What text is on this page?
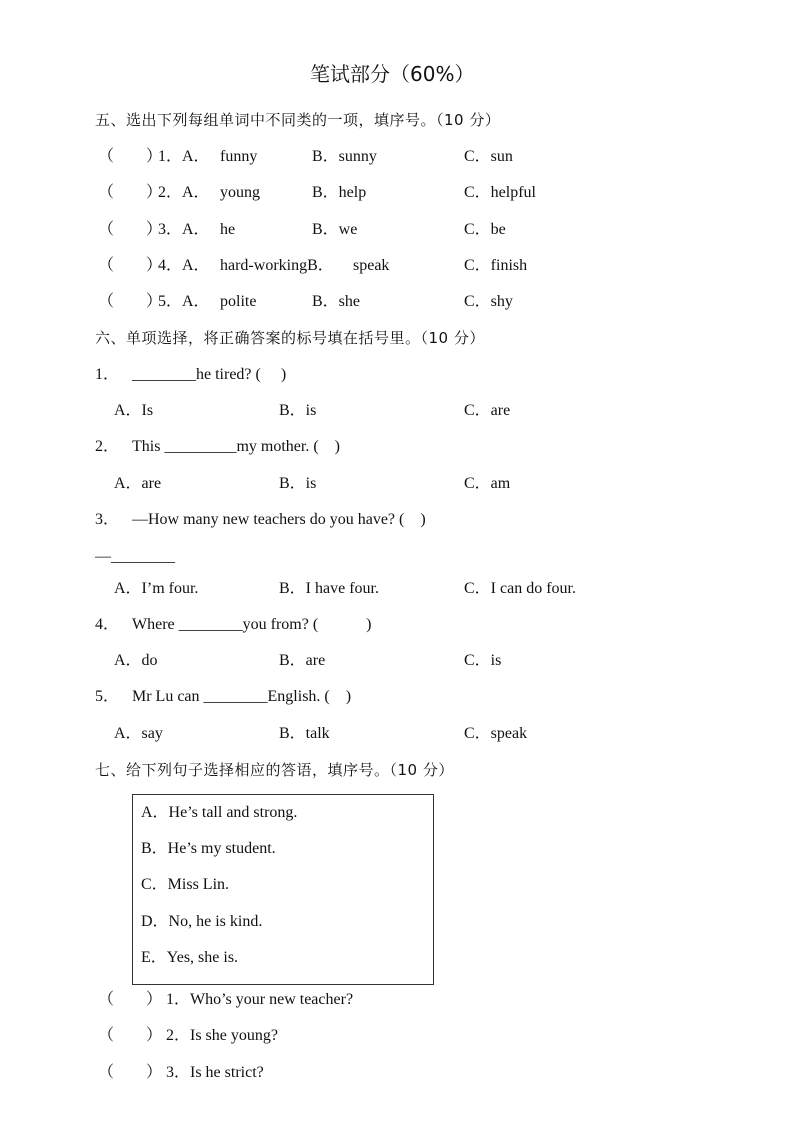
笔试部分（60%）
五、选出下列每组单词中不同类的一项，填序号。（10 分）
（　　）
1．A． funny	B．sunny	C．sun
（　　）
2．A． young	B．help	C．helpful
（　　）
3．A． he	B．we	C．be
（　　）
4．A． hard-workingB． speak	C．finish
（　　）
5．A． polite	B．she	C．shy
六、单项选择，将正确答案的标号填在括号里。（10 分）
1． ________he tired? (　 )
A．Is	B．is	C．are
2． This _________my mother. (　)
A．are	B．is	C．am
3． —How many new teachers do you have? (　)
—________
A．I’m four.	B．I have four.	C．I can do four.
4． Where ________you from? (　　　)
A．do	B．are	C．is
5． Mr Lu can ________English. (　)
A．say	B．talk	C．speak
七、给下列句子选择相应的答语，填序号。（10 分）
A．He’s tall and strong.
B．He’s my student.
C．Miss Lin.
D．No, he is kind.
E．Yes, she is.
（　　） 1．Who’s your new teacher?
（　　） 2．Is she young?
（　　） 3．Is he strict?
